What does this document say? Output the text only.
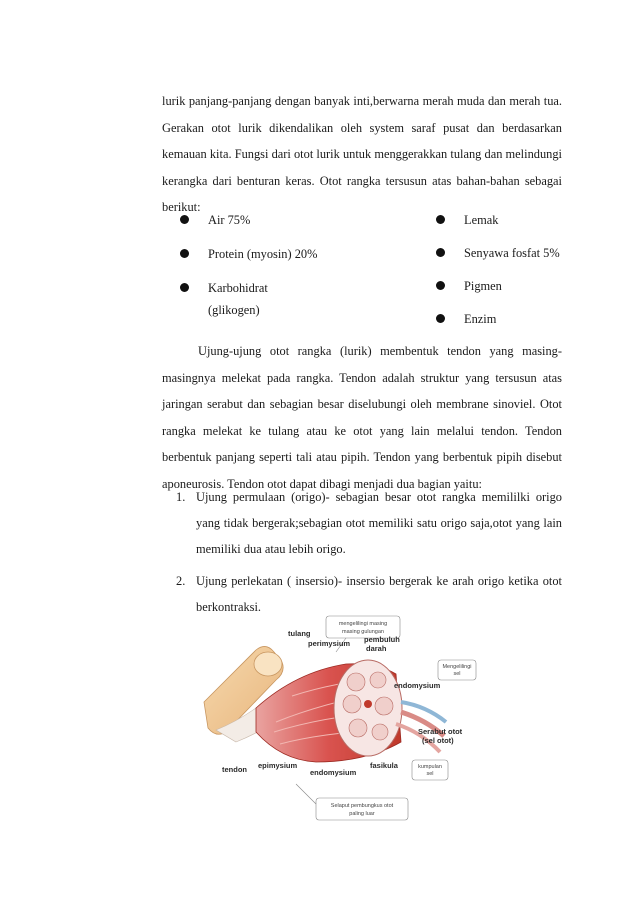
lurik panjang-panjang dengan banyak inti,berwarna merah muda dan merah tua. Gerakan otot lurik dikendalikan oleh system saraf pusat dan berdasarkan kemauan kita. Fungsi dari otot lurik untuk menggerakkan tulang dan melindungi kerangka dari benturan keras. Otot rangka tersusun atas bahan-bahan sebagai berikut:
Air 75%
Protein (myosin) 20%
Karbohidrat
(glikogen)
Lemak
Senyawa fosfat 5%
Pigmen
Enzim
Ujung-ujung otot rangka (lurik) membentuk tendon yang masing-masingnya melekat pada rangka. Tendon adalah struktur yang tersusun atas jaringan serabut dan sebagian besar diselubungi oleh membrane sinoviel. Otot rangka melekat ke tulang atau ke otot yang lain melalui tendon. Tendon berbentuk panjang seperti tali atau pipih. Tendon yang berbentuk pipih disebut aponeurosis. Tendon otot dapat dibagi menjadi dua bagian yaitu:
1. Ujung permulaan (origo)- sebagian besar otot rangka memililki origo yang tidak bergerak;sebagian otot memiliki satu origo saja,otot yang lain memiliki dua atau lebih origo.
2. Ujung perlekatan ( insersio)- insersio bergerak ke arah origo ketika otot berkontraksi.
mengelilingi masing
masing gulungan
Mengelilingi
sel
kumpulan
sel
Selaput pembungkus otot
paling luar
tulang
perimysium pembuluh
darah
endomysium
Serabut otot
(sel otot)
tendon epimysium
endomysium
fasikula
